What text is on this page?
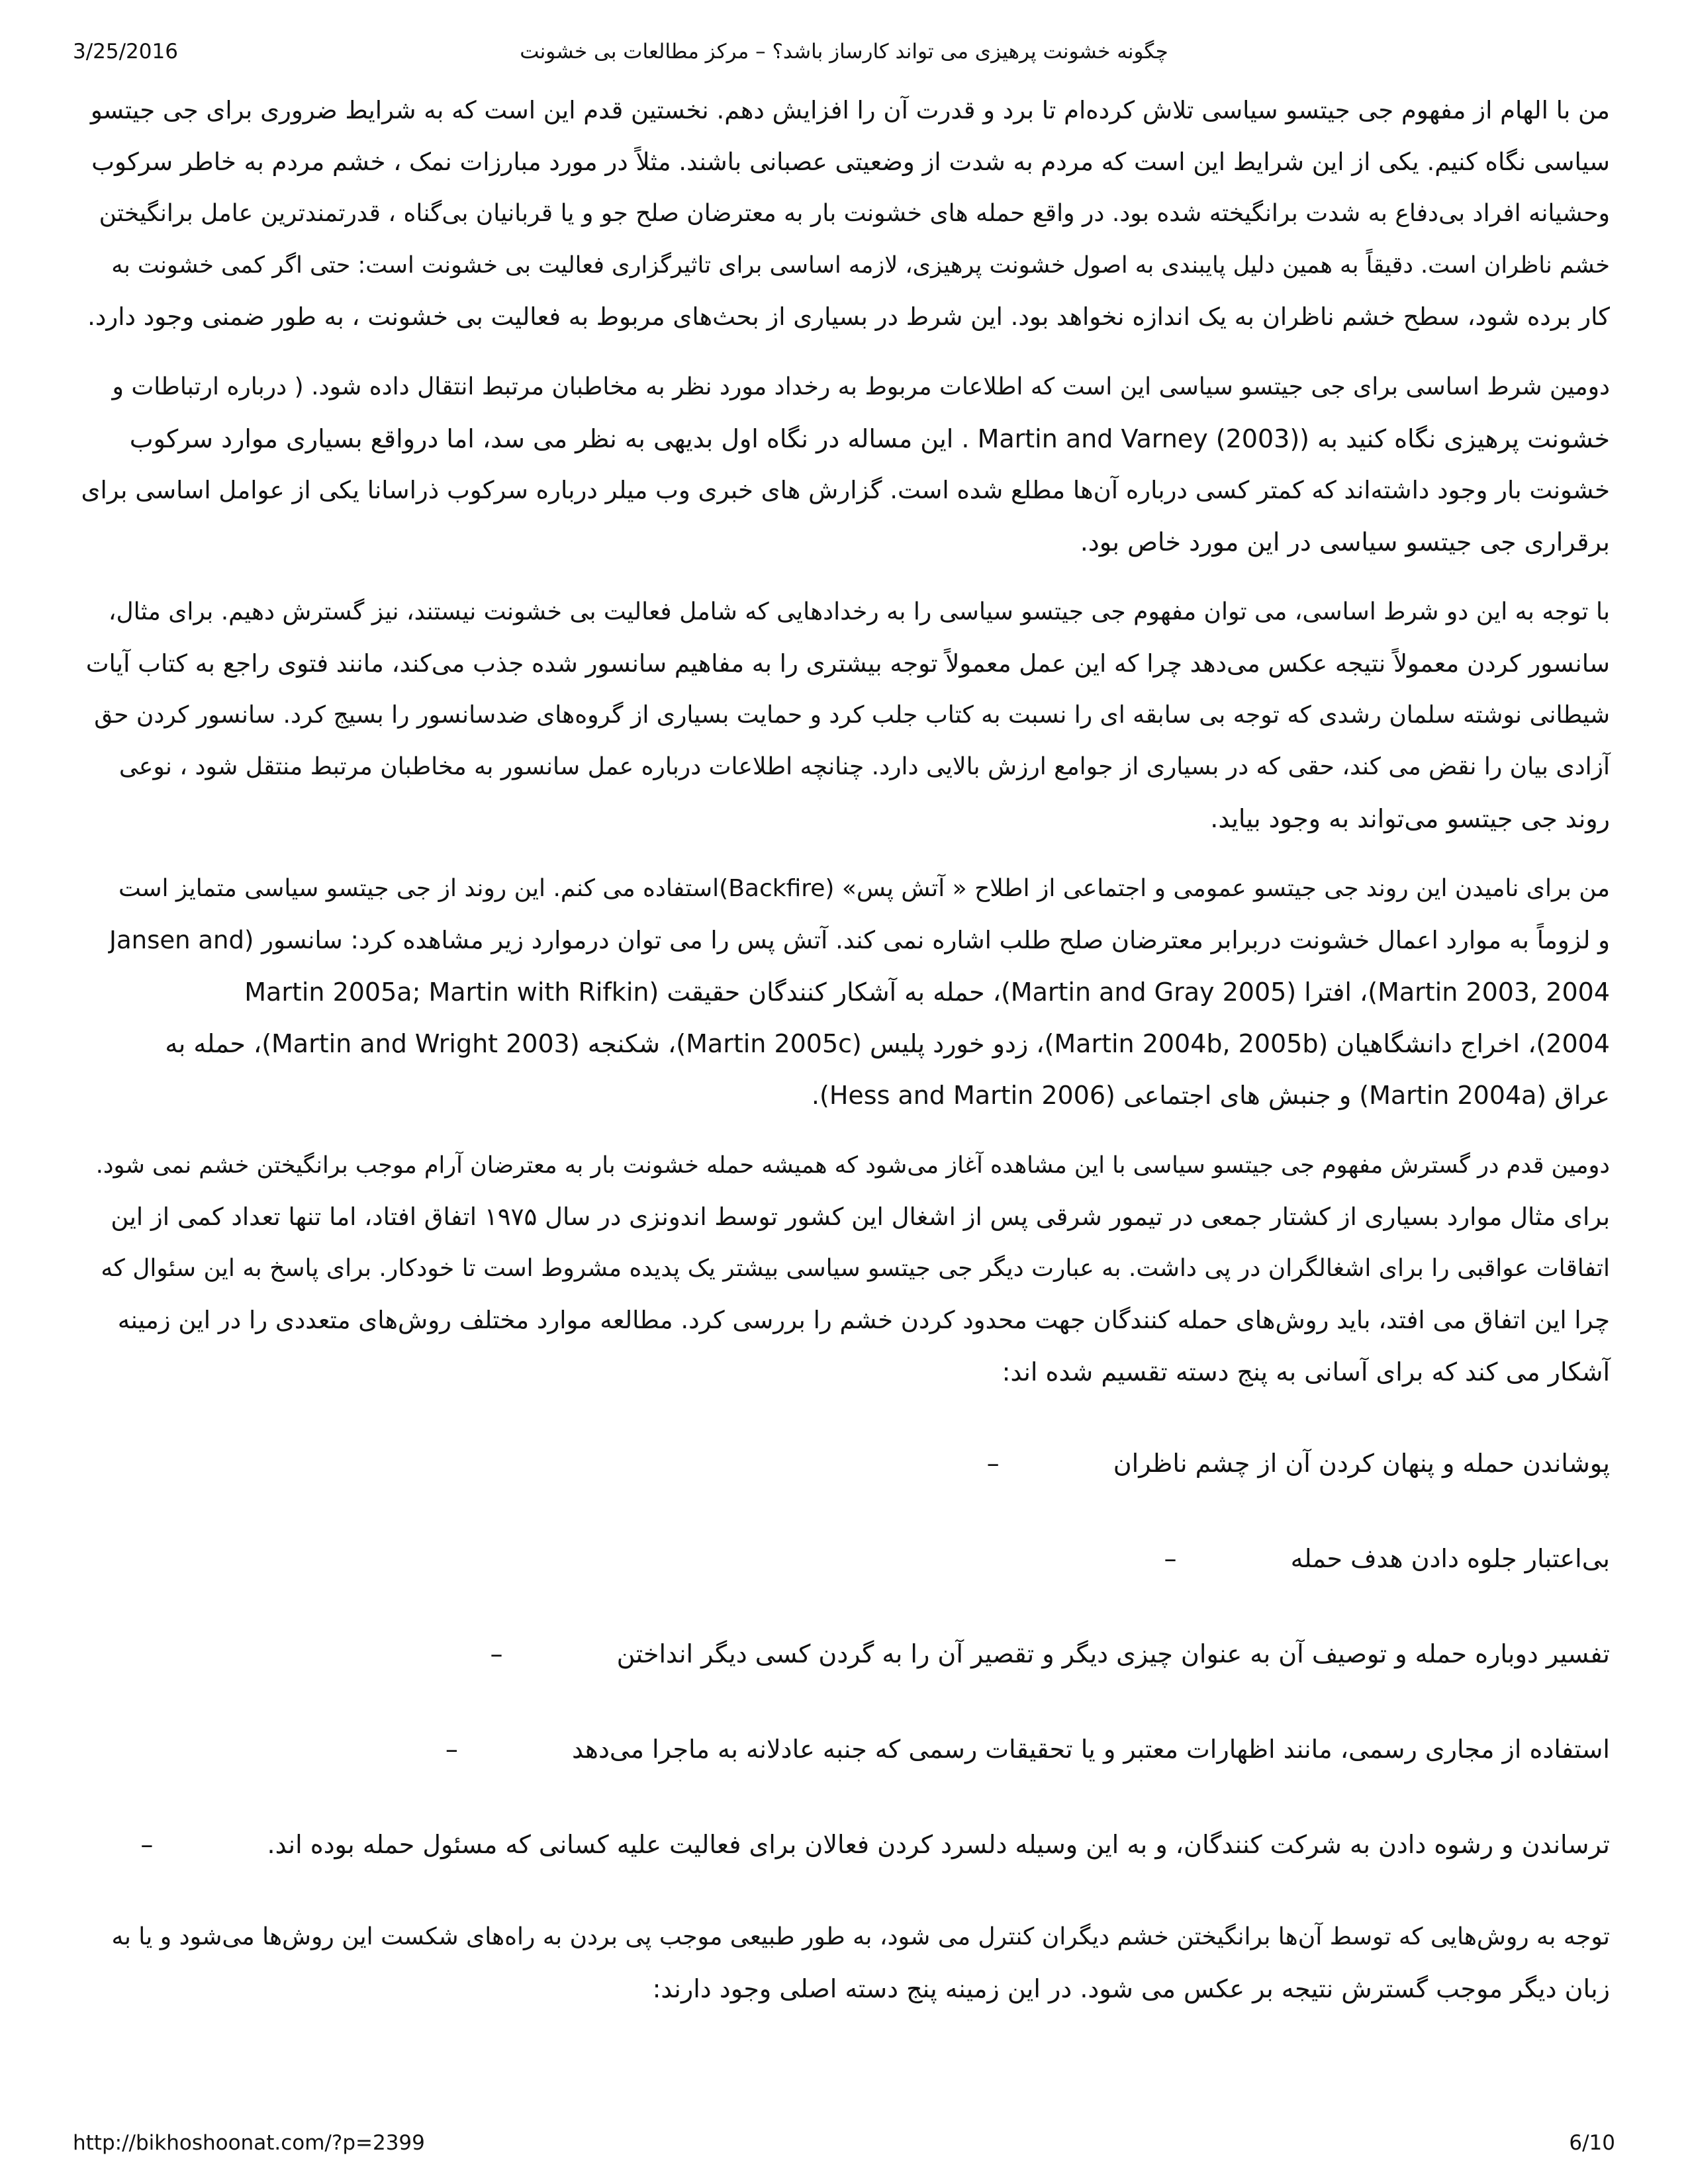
3/25/2016	چگونه خشونت پرهیزی می تواند کارساز باشد؟ – مرکز مطالعات بی خشونت
من با الهام از مفهوم جی جیتسو سیاسی تلاش کرده‌ام تا برد و قدرت آن را افزایش دهم. نخستین قدم این است که به شرایط ضروری برای جی جیتسو
سیاسی نگاه کنیم. یکی از این شرایط این است که مردم به شدت از وضعیتی عصبانی باشند. مثلاً در مورد مبارزات نمک ، خشم مردم به خاطر سرکوب
وحشیانه افراد بی‌دفاع به شدت برانگیخته شده بود. در واقع حمله های خشونت بار به معترضان صلح جو و یا قربانیان بی‌گناه ، قدرتمندترین عامل برانگیختن
خشم ناظران است. دقیقاً به همین دلیل پایبندی به اصول خشونت پرهیزی، لازمه اساسی برای تاثیرگزاری فعالیت بی خشونت است: حتی اگر کمی خشونت به
کار برده شود، سطح خشم ناظران به یک اندازه نخواهد بود. این شرط در بسیاری از بحث‌های مربوط به فعالیت بی خشونت ، به طور ضمنی وجود دارد.
دومین شرط اساسی برای جی جیتسو سیاسی این است که اطلاعات مربوط به رخداد مورد نظر به مخاطبان مرتبط انتقال داده شود. ( درباره ارتباطات و
خشونت پرهیزی نگاه کنید به (Martin and Varney (2003) . این مساله در نگاه اول بدیهی به نظر می سد، اما درواقع بسیاری موارد سرکوب
خشونت بار وجود داشته‌اند که کمتر کسی درباره آن‌ها مطلع شده است. گزارش های خبری وب میلر درباره سرکوب ذراسانا یکی از عوامل اساسی برای
برقراری جی جیتسو سیاسی در این مورد خاص بود.
با توجه به این دو شرط اساسی، می توان مفهوم جی جیتسو سیاسی را به رخدادهایی که شامل فعالیت بی خشونت نیستند، نیز گسترش دهیم. برای مثال،
سانسور کردن معمولاً نتیجه عکس می‌دهد چرا که این عمل معمولاً توجه بیشتری را به مفاهیم سانسور شده جذب می‌کند، مانند فتوی راجع به کتاب آیات
شیطانی نوشته سلمان رشدی که توجه بی سابقه ای را نسبت به کتاب جلب کرد و حمایت بسیاری از گروه‌های ضدسانسور را بسیج کرد. سانسور کردن حق
آزادی بیان را نقض می کند، حقی که در بسیاری از جوامع ارزش بالایی دارد. چنانچه اطلاعات درباره عمل سانسور به مخاطبان مرتبط منتقل شود ، نوعی
روند جی جیتسو می‌تواند به وجود بیاید.
من برای نامیدن این روند جی جیتسو عمومی و اجتماعی از اطلاح « آتش پس» (Backfire)استفاده می کنم. این روند از جی جیتسو سیاسی متمایز است
و لزوماً به موارد اعمال خشونت دربرابر معترضان صلح طلب اشاره نمی کند. آتش پس را می توان درموارد زیر مشاهده کرد: سانسور (Jansen and
Martin 2003, 2004)، افترا (Martin and Gray 2005)، حمله به آشکار کنندگان حقیقت (Martin 2005a; Martin with Rifkin
2004)، اخراج دانشگاهیان (Martin 2004b, 2005b)، زدو خورد پلیس (Martin 2005c)، شکنجه (Martin and Wright 2003)، حمله به
عراق (Martin 2004a) و جنبش های اجتماعی (Hess and Martin 2006).
دومین قدم در گسترش مفهوم جی جیتسو سیاسی با این مشاهده آغاز می‌شود که همیشه حمله خشونت بار به معترضان آرام موجب برانگیختن خشم نمی شود.
برای مثال موارد بسیاری از کشتار جمعی در تیمور شرقی پس از اشغال این کشور توسط اندونزی در سال ۱۹۷۵ اتفاق افتاد، اما تنها تعداد کمی از این
اتفاقات عواقبی را برای اشغالگران در پی داشت. به عبارت دیگر جی جیتسو سیاسی بیشتر یک پدیده مشروط است تا خودکار. برای پاسخ به این سئوال که
چرا این اتفاق می افتد، باید روش‌های حمله کنندگان جهت محدود کردن خشم را بررسی کرد. مطالعه موارد مختلف روش‌های متعددی را در این زمینه
آشکار می کند که برای آسانی به پنج دسته تقسیم شده اند:
پوشاندن حمله و پنهان کردن آن از چشم ناظران –
بی‌اعتبار جلوه دادن هدف حمله –
تفسیر دوباره حمله و توصیف آن به عنوان چیزی دیگر و تقصیر آن را به گردن کسی دیگر انداختن –
استفاده از مجاری رسمی، مانند اظهارات معتبر و یا تحقیقات رسمی که جنبه عادلانه به ماجرا می‌دهد –
ترساندن و رشوه دادن به شرکت کنندگان، و به این وسیله دلسرد کردن فعالان برای فعالیت علیه کسانی که مسئول حمله بوده اند. –
توجه به روش‌هایی که توسط آن‌ها برانگیختن خشم دیگران کنترل می شود، به طور طبیعی موجب پی بردن به راه‌های شکست این روش‌ها می‌شود و یا به
زبان دیگر موجب گسترش نتیجه بر عکس می شود. در این زمینه پنج دسته اصلی وجود دارند:
http://bikhoshoonat.com/?p=2399	6/10
